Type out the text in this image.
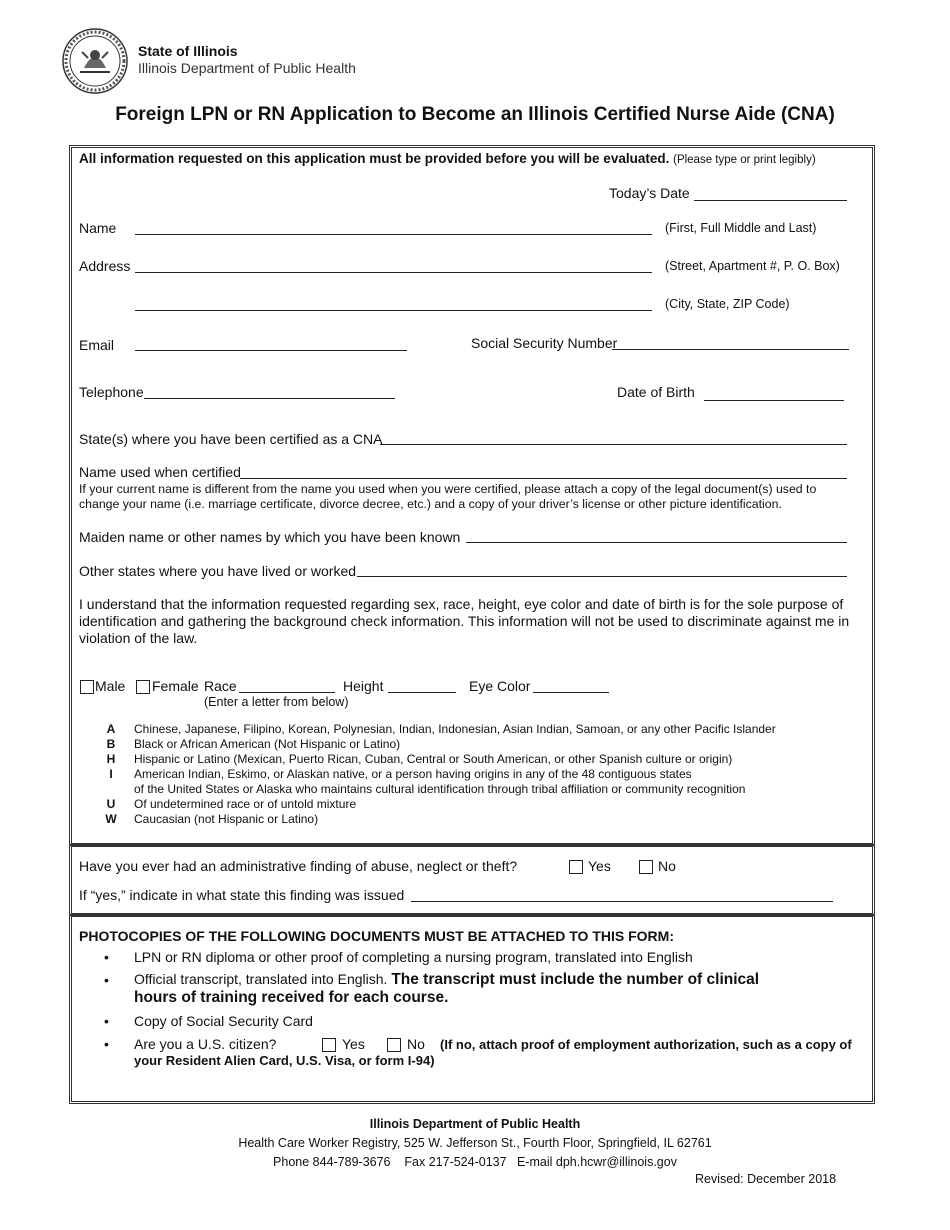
State of Illinois
Illinois Department of Public Health
Foreign LPN or RN Application to Become an Illinois Certified Nurse Aide (CNA)
All information requested on this application must be provided before you will be evaluated. (Please type or print legibly)
Today’s Date
Name	(First, Full Middle and Last)
Address	(Street, Apartment #, P. O. Box)
(City, State, ZIP Code)
Email	Social Security Number
Telephone	Date of Birth
State(s) where you have been certified as a CNA
Name used when certified
If your current name is different from the name you used when you were certified, please attach a copy of the legal document(s) used to
change your name (i.e. marriage certificate, divorce decree, etc.) and a copy of your driver’s license or other picture identification.
Maiden name or other names by which you have been known
Other states where you have lived or worked
I understand that the information requested regarding sex, race, height, eye color and date of birth is for the sole purpose of
identification and gathering the background check information. This information will not be used to discriminate against me in
violation of the law.
Male Female Race	Height	Eye Color
(Enter a letter from below)
A Chinese, Japanese, Filipino, Korean, Polynesian, Indian, Indonesian, Asian Indian, Samoan, or any other Pacific Islander
B Black or African American (Not Hispanic or Latino)
H Hispanic or Latino (Mexican, Puerto Rican, Cuban, Central or South American, or other Spanish culture or origin)
I	American Indian, Eskimo, or Alaskan native, or a person having origins in any of the 48 contiguous states
of the United States or Alaska who maintains cultural identification through tribal affiliation or community recognition
U Of undetermined race or of untold mixture
W Caucasian (not Hispanic or Latino)
Have you ever had an administrative finding of abuse, neglect or theft?	Yes	No
If “yes,” indicate in what state this finding was issued
PHOTOCOPIES OF THE FOLLOWING DOCUMENTS MUST BE ATTACHED TO THIS FORM:
• LPN or RN diploma or other proof of completing a nursing program, translated into English
• Official transcript, translated into English. The transcript must include the number of clinical
hours of training received for each course.
• Copy of Social Security Card
• Are you a U.S. citizen?	Yes	No (If no, attach proof of employment authorization, such as a copy of
your Resident Alien Card, U.S. Visa, or form I-94)
Illinois Department of Public Health
Health Care Worker Registry, 525 W. Jefferson St., Fourth Floor, Springfield, IL 62761
Phone 844-789-3676    Fax 217-524-0137   E-mail dph.hcwr@illinois.gov
Revised: December 2018
